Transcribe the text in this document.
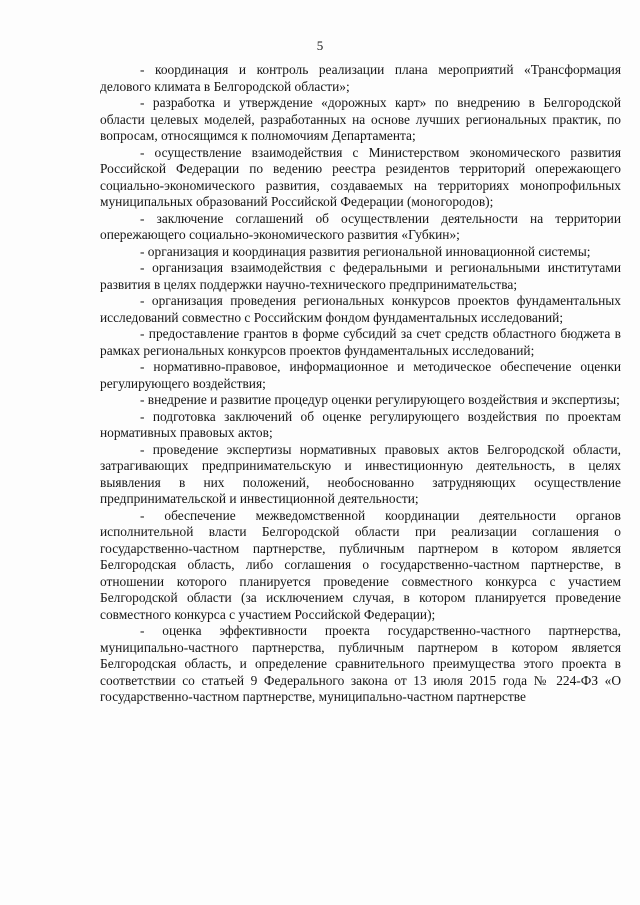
5

- координация и контроль реализации плана мероприятий «Трансформация делового климата в Белгородской области»;

- разработка и утверждение «дорожных карт» по внедрению в Белгородской области целевых моделей, разработанных на основе лучших региональных практик, по вопросам, относящимся к полномочиям Департамента;

- осуществление взаимодействия с Министерством экономического развития Российской Федерации по ведению реестра резидентов территорий опережающего социально-экономического развития, создаваемых на территориях монопрофильных муниципальных образований Российской Федерации (моногородов);

- заключение соглашений об осуществлении деятельности на территории опережающего социально-экономического развития «Губкин»;

- организация и координация развития региональной инновационной системы;

- организация взаимодействия с федеральными и региональными институтами развития в целях поддержки научно-технического предпринимательства;

- организация проведения региональных конкурсов проектов фундаментальных исследований совместно с Российским фондом фундаментальных исследований;

- предоставление грантов в форме субсидий за счет средств областного бюджета в рамках региональных конкурсов проектов фундаментальных исследований;

- нормативно-правовое, информационное и методическое обеспечение оценки регулирующего воздействия;

- внедрение и развитие процедур оценки регулирующего воздействия и экспертизы;

- подготовка заключений об оценке регулирующего воздействия по проектам нормативных правовых актов;

- проведение экспертизы нормативных правовых актов Белгородской области, затрагивающих предпринимательскую и инвестиционную деятельность, в целях выявления в них положений, необоснованно затрудняющих осуществление предпринимательской и инвестиционной деятельности;

- обеспечение межведомственной координации деятельности органов исполнительной власти Белгородской области при реализации соглашения о государственно-частном партнерстве, публичным партнером в котором является Белгородская область, либо соглашения о государственно-частном партнерстве, в отношении которого планируется проведение совместного конкурса с участием Белгородской области (за исключением случая, в котором планируется проведение совместного конкурса с участием Российской Федерации);

- оценка эффективности проекта государственно-частного партнерства, муниципально-частного партнерства, публичным партнером в котором является Белгородская область, и определение сравнительного преимущества этого проекта в соответствии со статьей 9 Федерального закона от 13 июля 2015 года № 224-ФЗ «О государственно-частном партнерстве, муниципально-частном партнерстве
